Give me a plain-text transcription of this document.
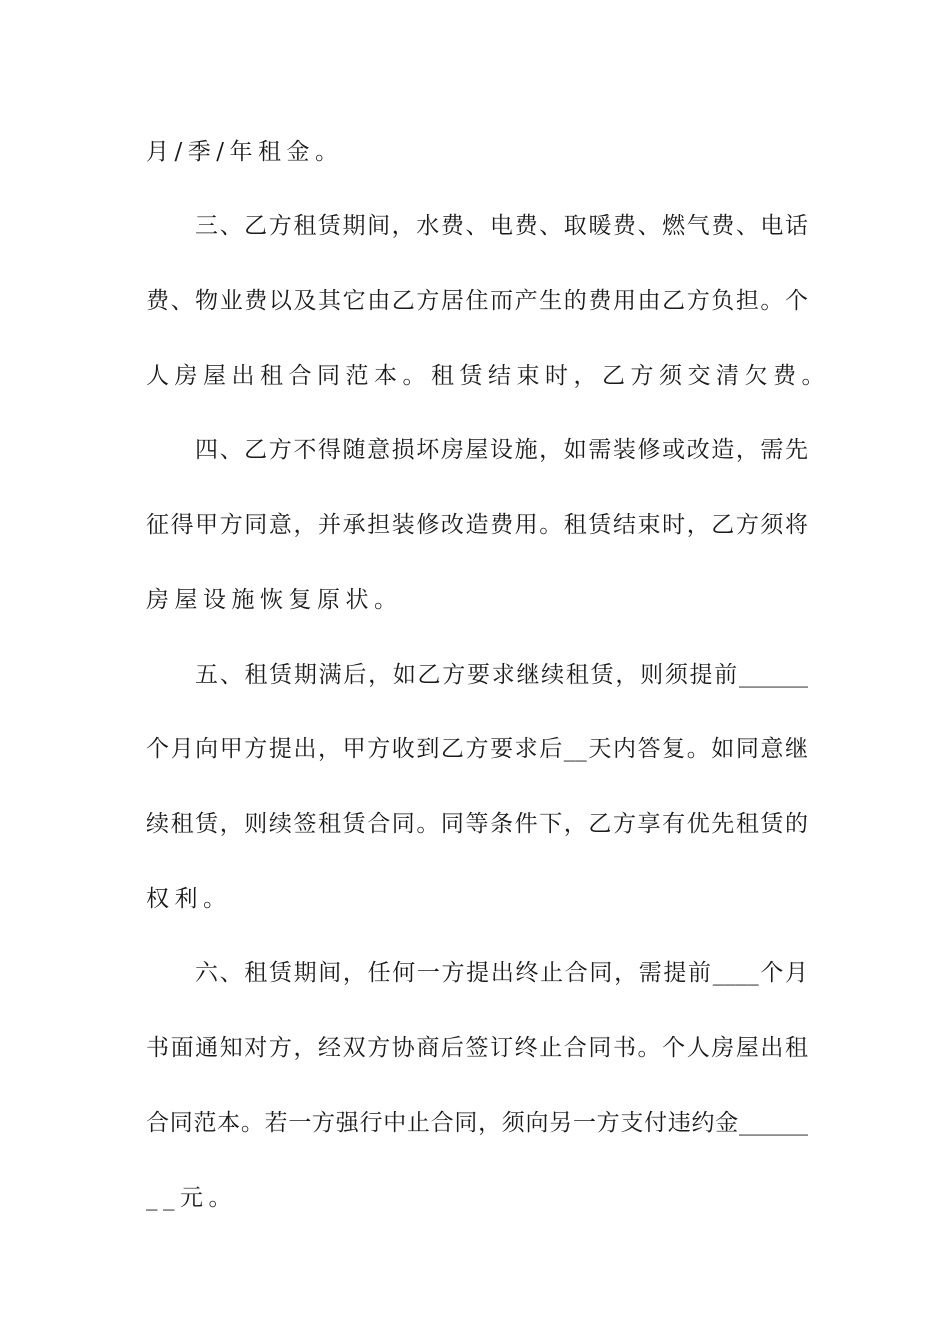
月/季/年租金。
三、乙方租赁期间，水费、电费、取暖费、燃气费、电话
费、物业费以及其它由乙方居住而产生的费用由乙方负担。个
人房屋出租合同范本。租赁结束时，乙方须交清欠费。
四、乙方不得随意损坏房屋设施，如需装修或改造，需先
征得甲方同意，并承担装修改造费用。租赁结束时，乙方须将
房屋设施恢复原状。
五、租赁期满后，如乙方要求继续租赁，则须提前______
个月向甲方提出，甲方收到乙方要求后__天内答复。如同意继
续租赁，则续签租赁合同。同等条件下，乙方享有优先租赁的
权利。
六、租赁期间，任何一方提出终止合同，需提前____个月
书面通知对方，经双方协商后签订终止合同书。个人房屋出租
合同范本。若一方强行中止合同，须向另一方支付违约金______
__元。
